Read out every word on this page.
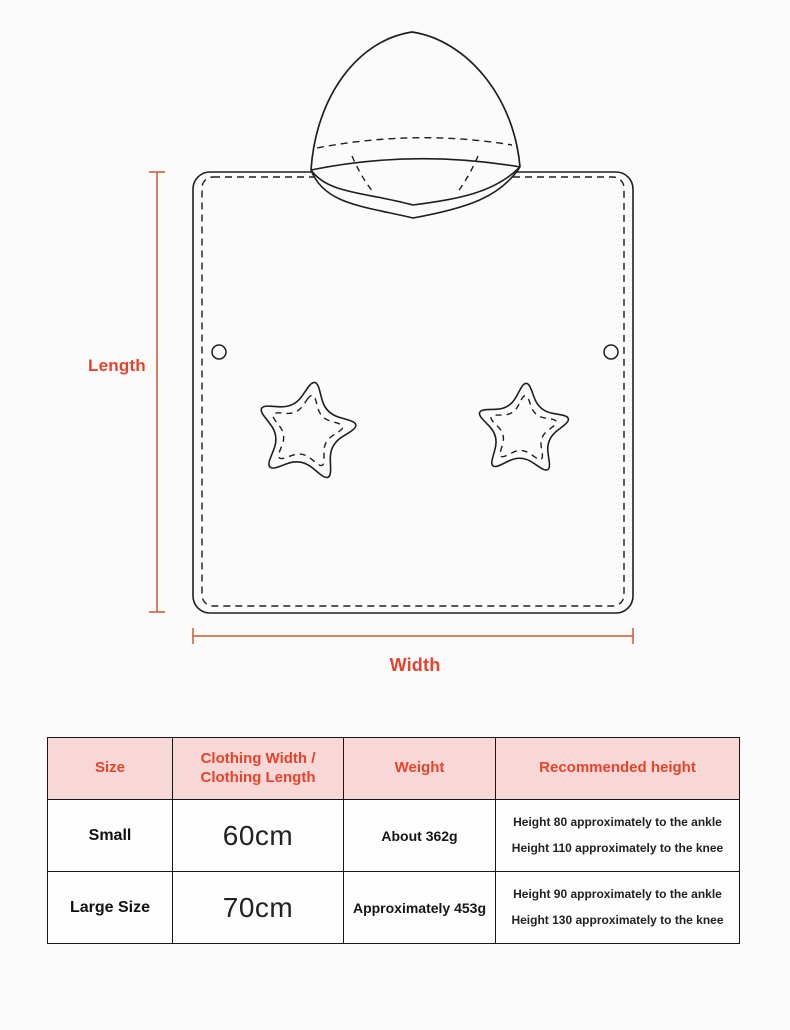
Length
Width
Size	Clothing Width / Clothing Length	Weight	Recommended height
Small	60cm	About 362g	Height 80 approximately to the ankle
Height 110 approximately to the knee

Large Size	70cm	Approximately 453g	Height 90 approximately to the ankle
Height 130 approximately to the knee
